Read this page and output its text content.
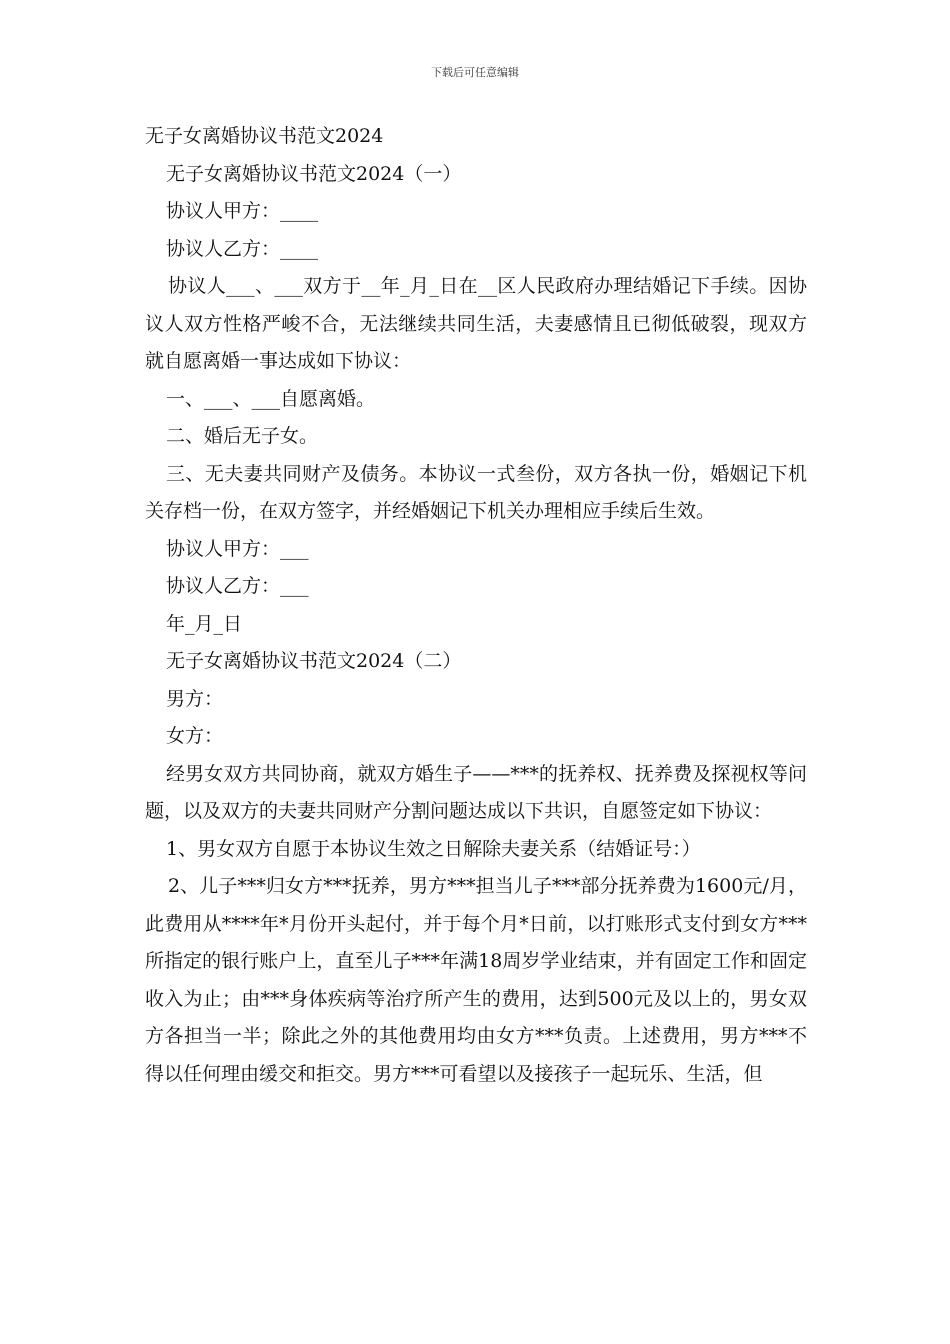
下载后可任意编辑

无子女离婚协议书范文2024

无子女离婚协议书范文2024（一）

协议人甲方：____

协议人乙方：____

协议人___、___双方于__年_月_日在__区人民政府办理结婚记下手续。因协议人双方性格严峻不合，无法继续共同生活，夫妻感情且已彻低破裂，现双方就自愿离婚一事达成如下协议：

一、___、___自愿离婚。

二、婚后无子女。

三、无夫妻共同财产及债务。本协议一式叁份，双方各执一份，婚姻记下机关存档一份，在双方签字，并经婚姻记下机关办理相应手续后生效。

协议人甲方：___

协议人乙方：___

年_月_日

无子女离婚协议书范文2024（二）

男方：

女方：

经男女双方共同协商，就双方婚生子——***的抚养权、抚养费及探视权等问题，以及双方的夫妻共同财产分割问题达成以下共识，自愿签定如下协议：

1、男女双方自愿于本协议生效之日解除夫妻关系（结婚证号：）

2、儿子***归女方***抚养，男方***担当儿子***部分抚养费为1600元/月，此费用从****年*月份开头起付，并于每个月*日前，以打账形式支付到女方***所指定的银行账户上，直至儿子***年满18周岁学业结束，并有固定工作和固定收入为止；由***身体疾病等治疗所产生的费用，达到500元及以上的，男女双方各担当一半；除此之外的其他费用均由女方***负责。上述费用，男方***不得以任何理由缓交和拒交。男方***可看望以及接孩子一起玩乐、生活，但
